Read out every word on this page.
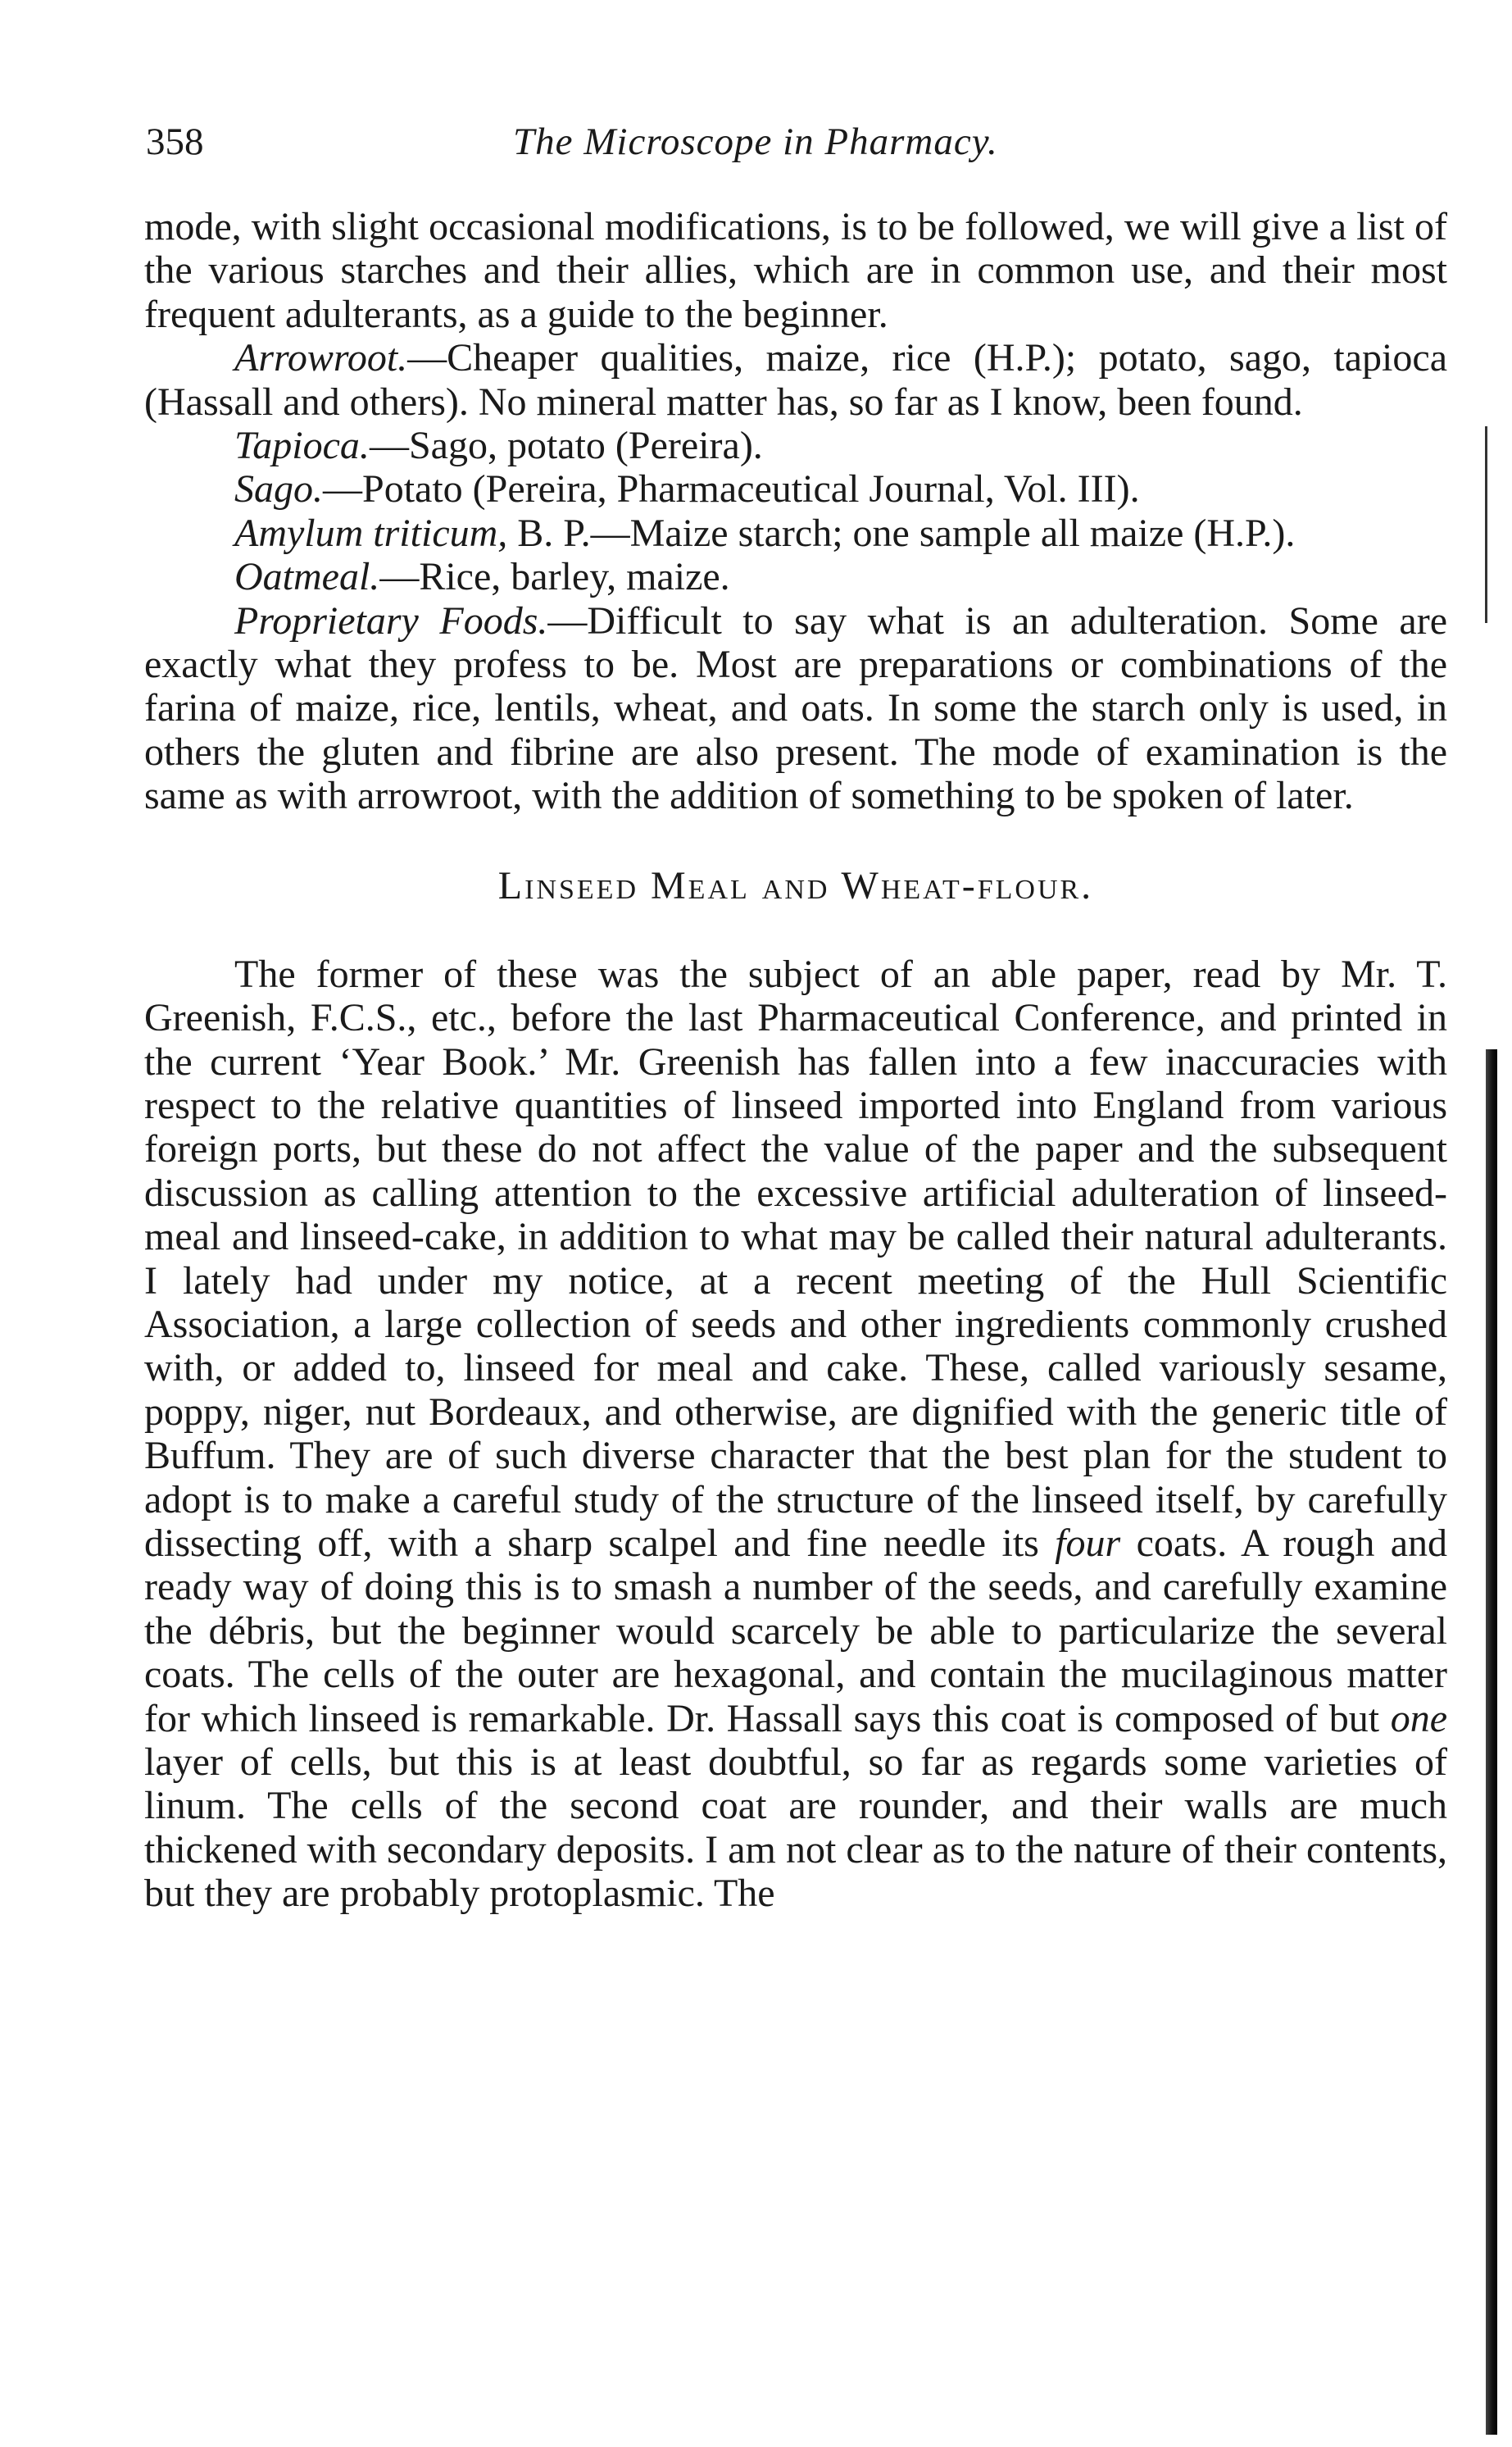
358	The Microscope in Pharmacy.

mode, with slight occasional modifications, is to be followed, we will give a list of the various starches and their allies, which are in common use, and their most frequent adulterants, as a guide to the beginner.

Arrowroot.—Cheaper qualities, maize, rice (H.P.); potato, sago, tapioca (Hassall and others). No mineral matter has, so far as I know, been found.

Tapioca.—Sago, potato (Pereira).

Sago.—Potato (Pereira, Pharmaceutical Journal, Vol. III).

Amylum triticum, B. P.—Maize starch; one sample all maize (H.P.).

Oatmeal.—Rice, barley, maize.

Proprietary Foods.—Difficult to say what is an adulteration. Some are exactly what they profess to be. Most are preparations or combinations of the farina of maize, rice, lentils, wheat, and oats. In some the starch only is used, in others the gluten and fibrine are also present. The mode of examination is the same as with arrowroot, with the addition of something to be spoken of later.

Linseed Meal and Wheat-flour.

The former of these was the subject of an able paper, read by Mr. T. Greenish, F.C.S., etc., before the last Pharmaceutical Conference, and printed in the current ‘Year Book.’ Mr. Greenish has fallen into a few inaccuracies with respect to the relative quantities of linseed imported into England from various foreign ports, but these do not affect the value of the paper and the subsequent discussion as calling attention to the excessive artificial adulteration of linseed-meal and linseed-cake, in addition to what may be called their natural adulterants. I lately had under my notice, at a recent meeting of the Hull Scientific Association, a large collection of seeds and other ingredients commonly crushed with, or added to, linseed for meal and cake. These, called variously sesame, poppy, niger, nut Bordeaux, and otherwise, are dignified with the generic title of Buffum. They are of such diverse character that the best plan for the student to adopt is to make a careful study of the structure of the linseed itself, by carefully dissecting off, with a sharp scalpel and fine needle its four coats. A rough and ready way of doing this is to smash a number of the seeds, and carefully examine the débris, but the beginner would scarcely be able to particularize the several coats. The cells of the outer are hexagonal, and contain the mucilaginous matter for which linseed is remarkable. Dr. Hassall says this coat is composed of but one layer of cells, but this is at least doubtful, so far as regards some varieties of linum. The cells of the second coat are rounder, and their walls are much thickened with secondary deposits. I am not clear as to the nature of their contents, but they are probably protoplasmic. The
